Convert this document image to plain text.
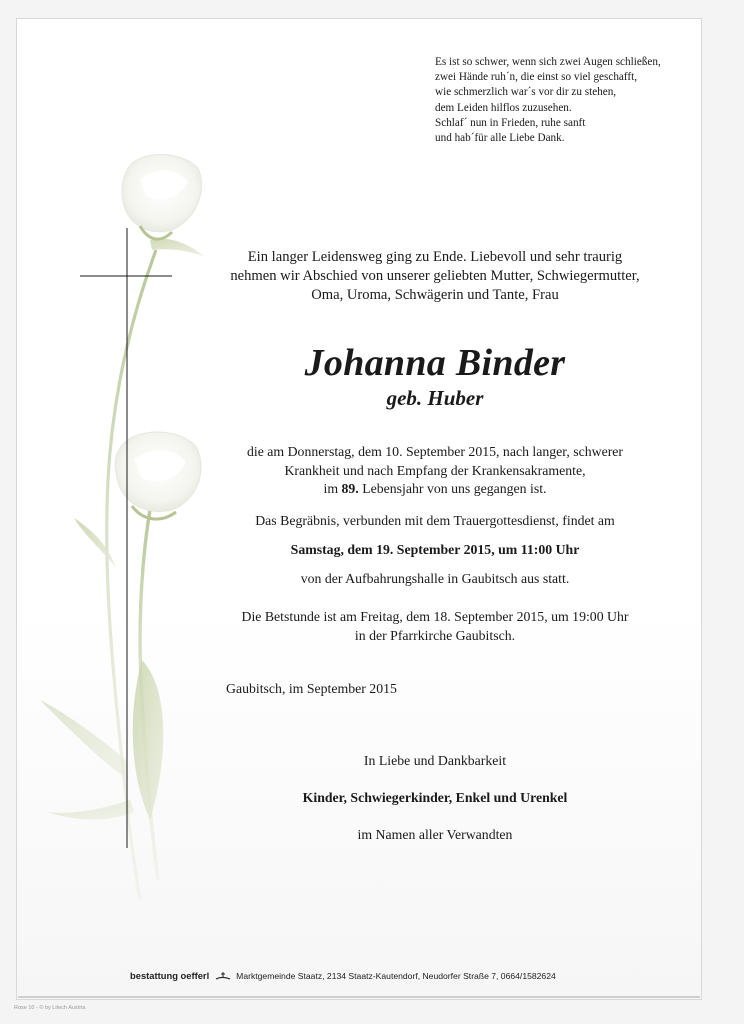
Es ist so schwer, wenn sich zwei Augen schließen,
zwei Hände ruh´n, die einst so viel geschafft,
wie schmerzlich war´s vor dir zu stehen,
dem Leiden hilflos zuzusehen.
Schlaf´ nun in Frieden, ruhe sanft
und hab´für alle Liebe Dank.
Ein langer Leidensweg ging zu Ende. Liebevoll und sehr traurig
nehmen wir Abschied von unserer geliebten Mutter, Schwiegermutter,
Oma, Uroma, Schwägerin und Tante, Frau
Johanna Binder
geb. Huber
die am Donnerstag, dem 10. September 2015, nach langer, schwerer
Krankheit und nach Empfang der Krankensakramente,
im 89. Lebensjahr von uns gegangen ist.
Das Begräbnis, verbunden mit dem Trauergottesdienst, findet am
Samstag, dem 19. September 2015, um 11:00 Uhr
von der Aufbahrungshalle in Gaubitsch aus statt.
Die Betstunde ist am Freitag, dem 18. September 2015, um 19:00 Uhr
in der Pfarrkirche Gaubitsch.
Gaubitsch, im September 2015
In Liebe und Dankbarkeit
Kinder, Schwiegerkinder, Enkel und Urenkel
im Namen aller Verwandten
bestattung oefferl	Marktgemeinde Staatz, 2134 Staatz-Kautendorf, Neudorfer Straße 7, 0664/1582624
Rose 10 - © by Litech Austria
